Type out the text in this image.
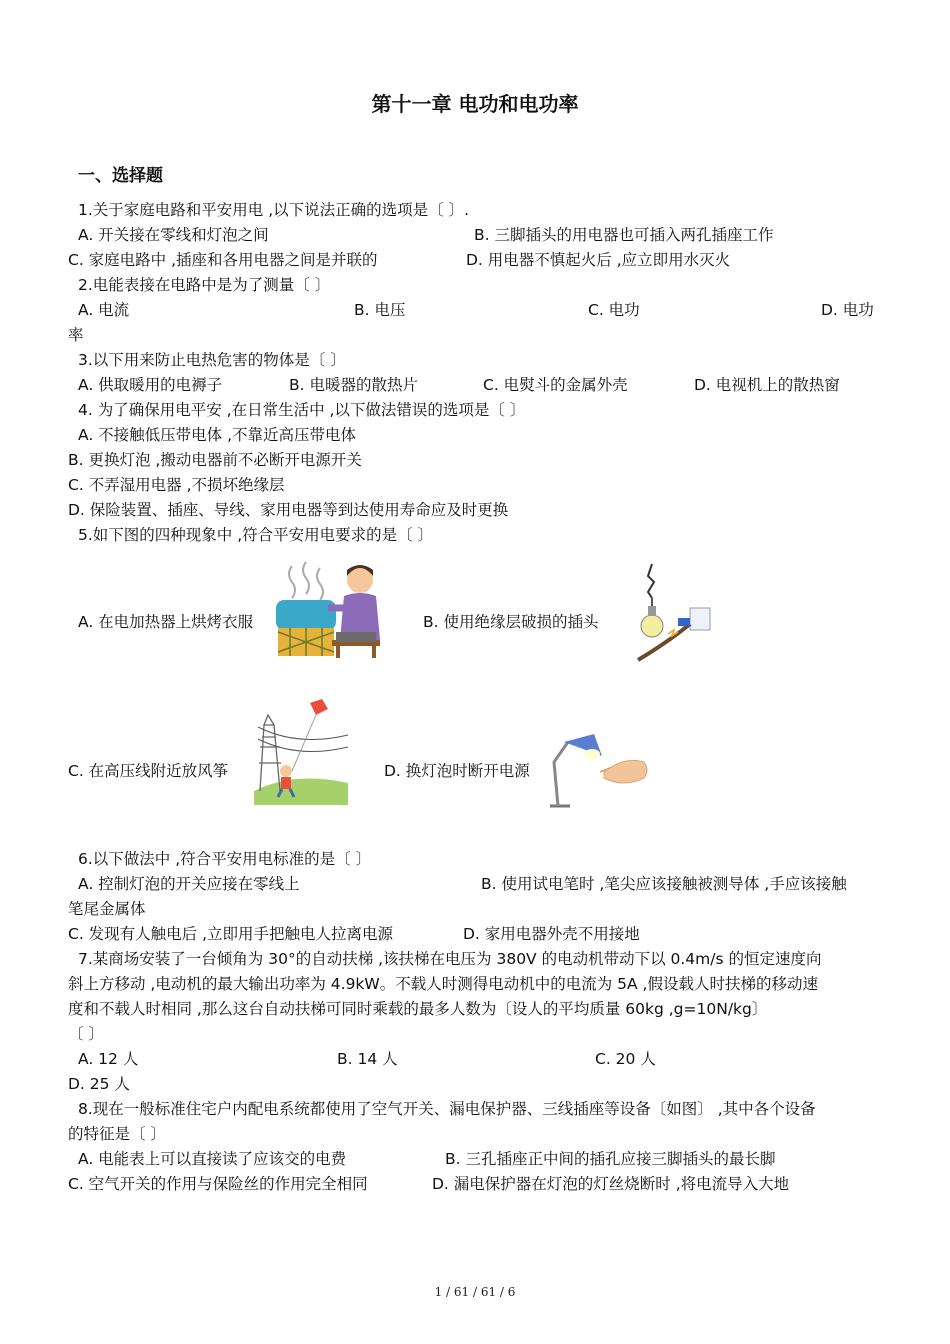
第十一章 电功和电功率
一、选择题
1.关于家庭电路和平安用电 ,以下说法正确的选项是〔 〕.
A. 开关接在零线和灯泡之间	B. 三脚插头的用电器也可插入两孔插座工作
C. 家庭电路中 ,插座和各用电器之间是并联的	D. 用电器不慎起火后 ,应立即用水灭火
2.电能表接在电路中是为了测量〔 〕
A. 电流	B. 电压	C. 电功	D. 电功
率
3.以下用来防止电热危害的物体是〔 〕
A. 供取暖用的电褥子	B. 电暖器的散热片	C. 电熨斗的金属外壳	D. 电视机上的散热窗
4. 为了确保用电平安 ,在日常生活中 ,以下做法错误的选项是〔 〕
A. 不接触低压带电体 ,不靠近高压带电体
B. 更换灯泡 ,搬动电器前不必断开电源开关
C. 不弄湿用电器 ,不损坏绝缘层
D. 保险装置、插座、导线、家用电器等到达使用寿命应及时更换
5.如下图的四种现象中 ,符合平安用电要求的是〔 〕
A. 在电加热器上烘烤衣服	B. 使用绝缘层破损的插头
C. 在高压线附近放风筝	D. 换灯泡时断开电源
6.以下做法中 ,符合平安用电标准的是〔 〕
A. 控制灯泡的开关应接在零线上	B. 使用试电笔时 ,笔尖应该接触被测导体 ,手应该接触
笔尾金属体
C. 发现有人触电后 ,立即用手把触电人拉离电源	D. 家用电器外壳不用接地
7.某商场安装了一台倾角为 30°的自动扶梯 ,该扶梯在电压为 380V 的电动机带动下以 0.4m/s 的恒定速度向
斜上方移动 ,电动机的最大输出功率为 4.9kW。不载人时测得电动机中的电流为 5A ,假设载人时扶梯的移动速
度和不载人时相同 ,那么这台自动扶梯可同时乘载的最多人数为〔设人的平均质量 60kg ,g=10N/kg〕
〔 〕
A. 12 人	B. 14 人	C. 20 人
D. 25 人
8.现在一般标准住宅户内配电系统都使用了空气开关、漏电保护器、三线插座等设备〔如图〕 ,其中各个设备
的特征是〔 〕
A. 电能表上可以直接读了应该交的电费	B. 三孔插座正中间的插孔应接三脚插头的最长脚
C. 空气开关的作用与保险丝的作用完全相同	D. 漏电保护器在灯泡的灯丝烧断时 ,将电流导入大地
1 / 61 / 61 / 6
